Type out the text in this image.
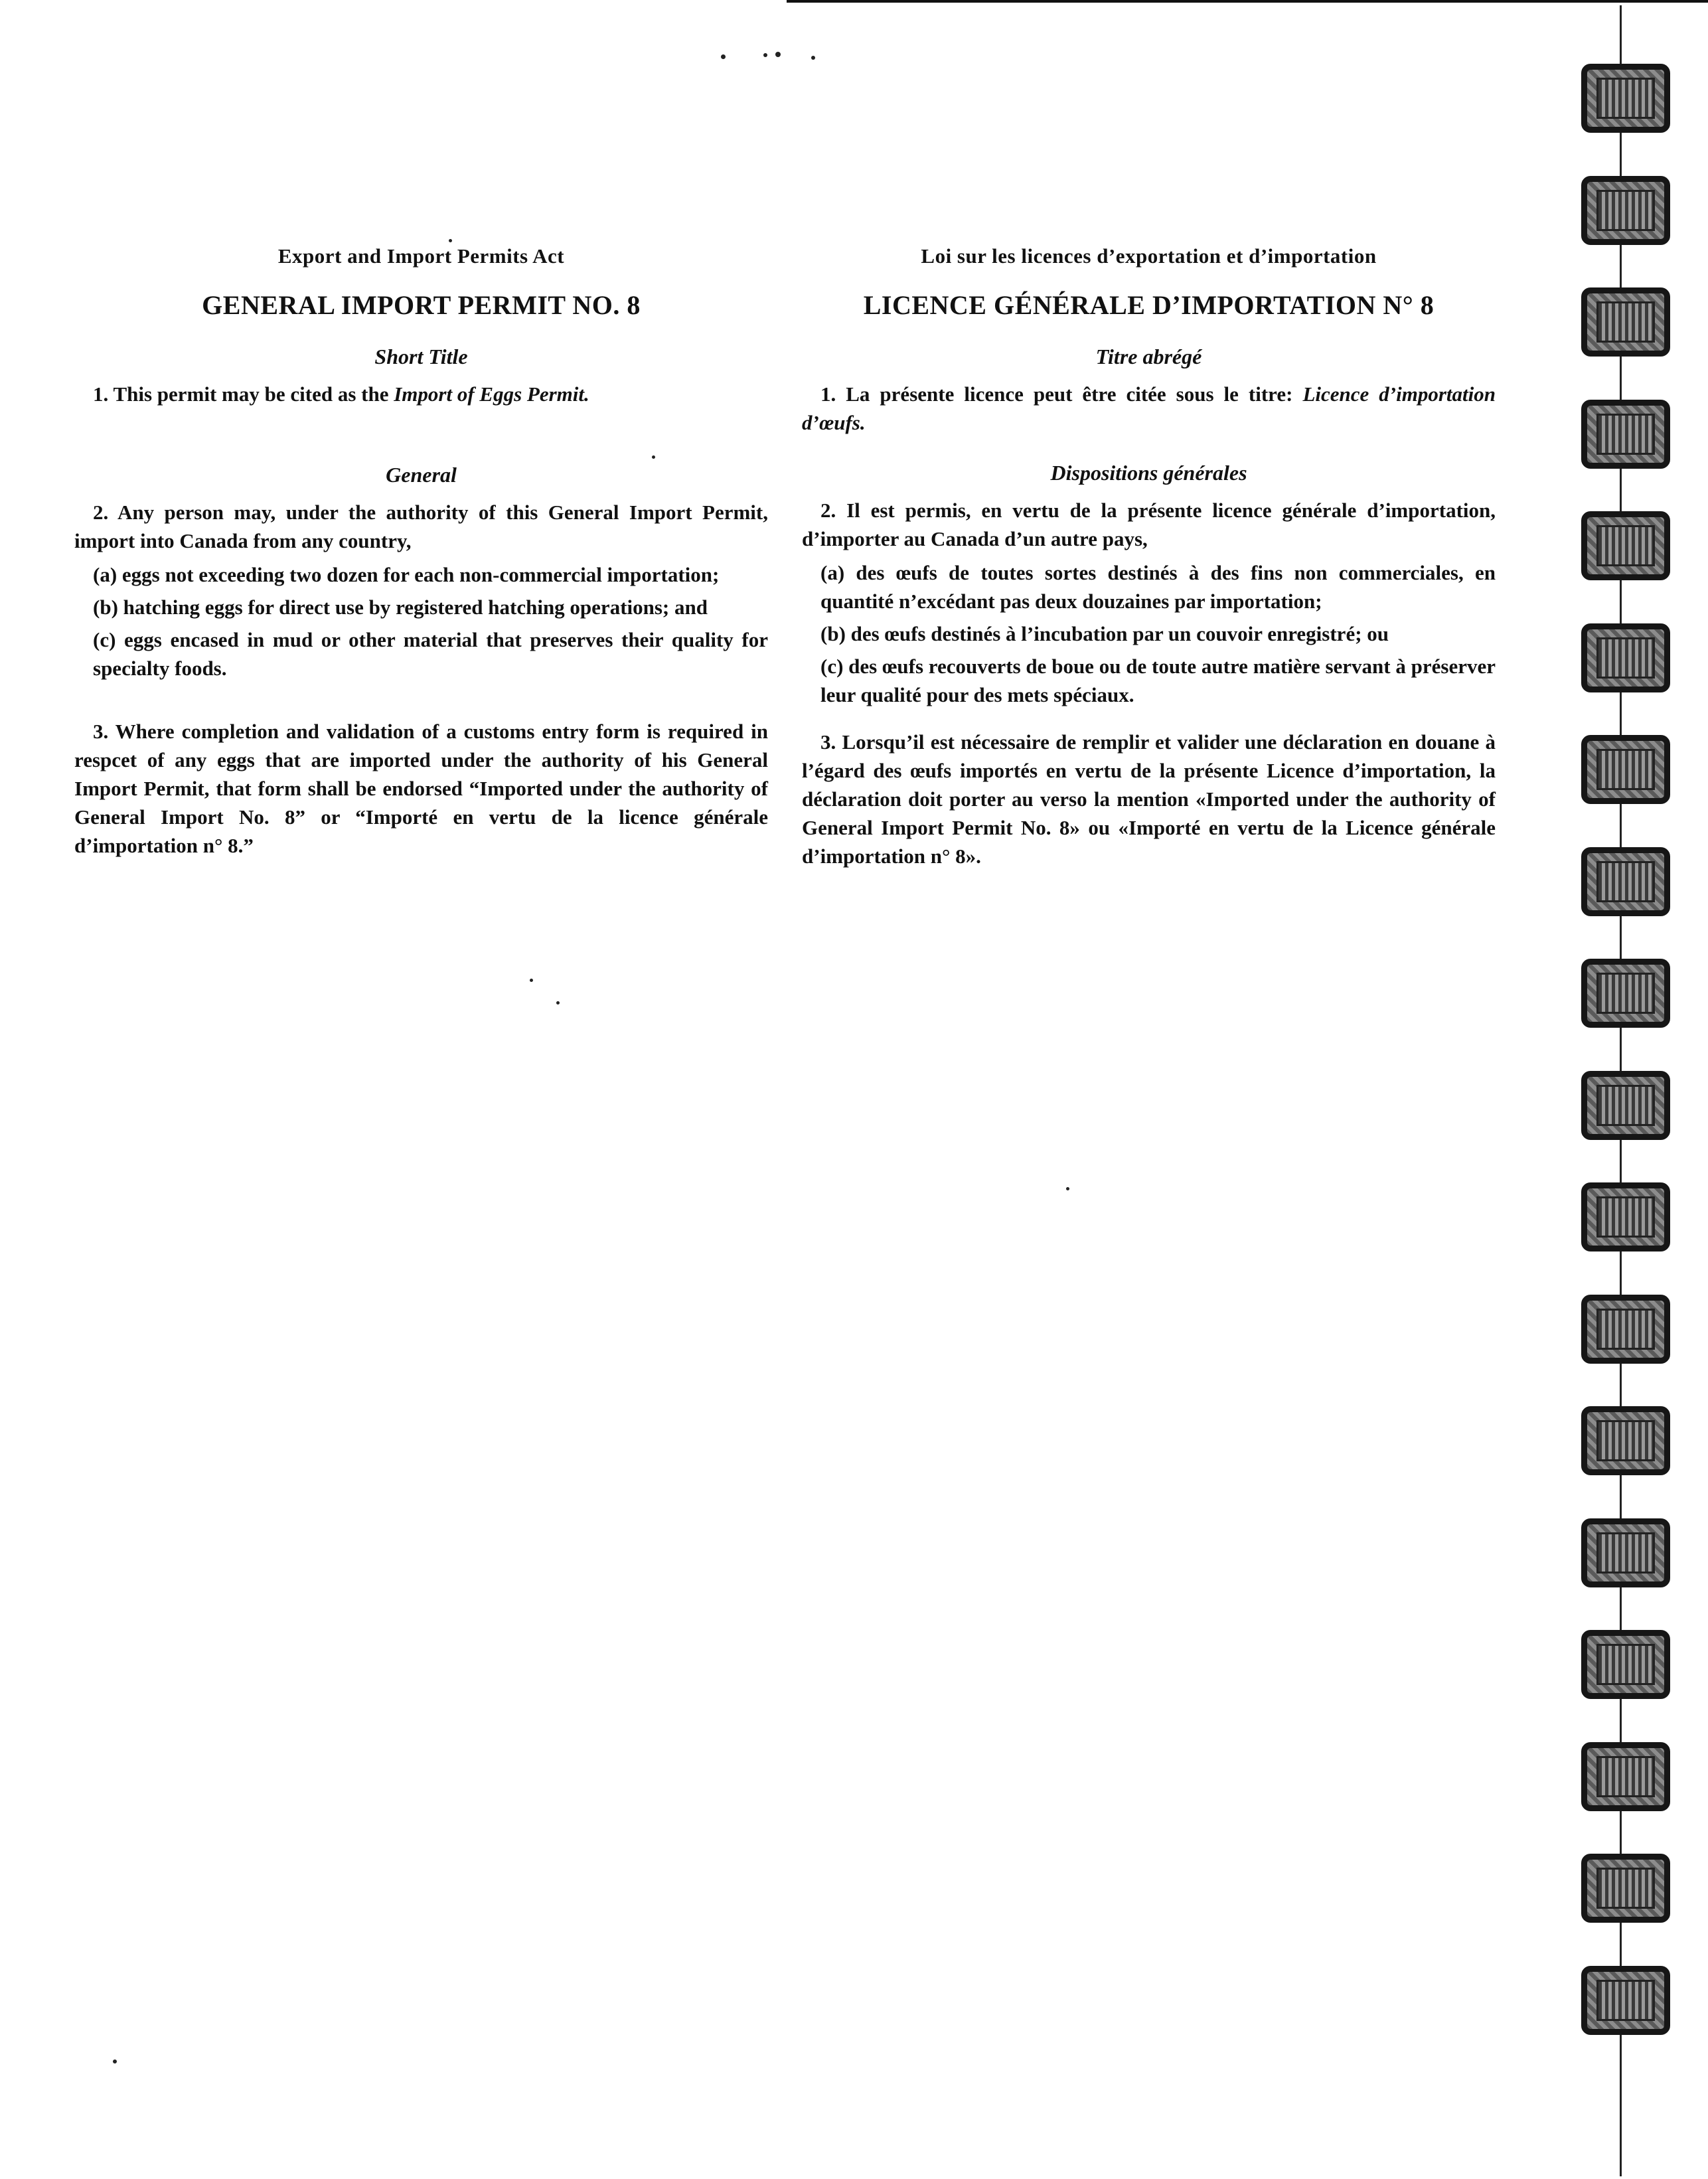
Export and Import Permits Act
GENERAL IMPORT PERMIT NO. 8
Short Title

1. This permit may be cited as the Import of Eggs Permit.

General

2. Any person may, under the authority of this General Import Permit, import into Canada from any country,

(a) eggs not exceeding two dozen for each non-commercial importation;

(b) hatching eggs for direct use by registered hatching operations; and

(c) eggs encased in mud or other material that preserves their quality for specialty foods.

3. Where completion and validation of a customs entry form is required in respcet of any eggs that are imported under the authority of his General Import Permit, that form shall be endorsed “Imported under the authority of General Import No. 8” or “Importé en vertu de la licence générale d’importation n° 8.”

Loi sur les licences d’exportation et d’importation
LICENCE GÉNÉRALE D’IMPORTATION N° 8
Titre abrégé

1. La présente licence peut être citée sous le titre: Licence d’importation d’œufs.

Dispositions générales

2. Il est permis, en vertu de la présente licence générale d’importation, d’importer au Canada d’un autre pays,

(a) des œufs de toutes sortes destinés à des fins non commerciales, en quantité n’excédant pas deux douzaines par importation;

(b) des œufs destinés à l’incubation par un couvoir enregistré; ou

(c) des œufs recouverts de boue ou de toute autre matière servant à préserver leur qualité pour des mets spéciaux.

3. Lorsqu’il est nécessaire de remplir et valider une déclaration en douane à l’égard des œufs importés en vertu de la présente Licence d’importation, la déclaration doit porter au verso la mention «Imported under the authority of General Import Permit No. 8» ou «Importé en vertu de la Licence générale d’importation n° 8».
